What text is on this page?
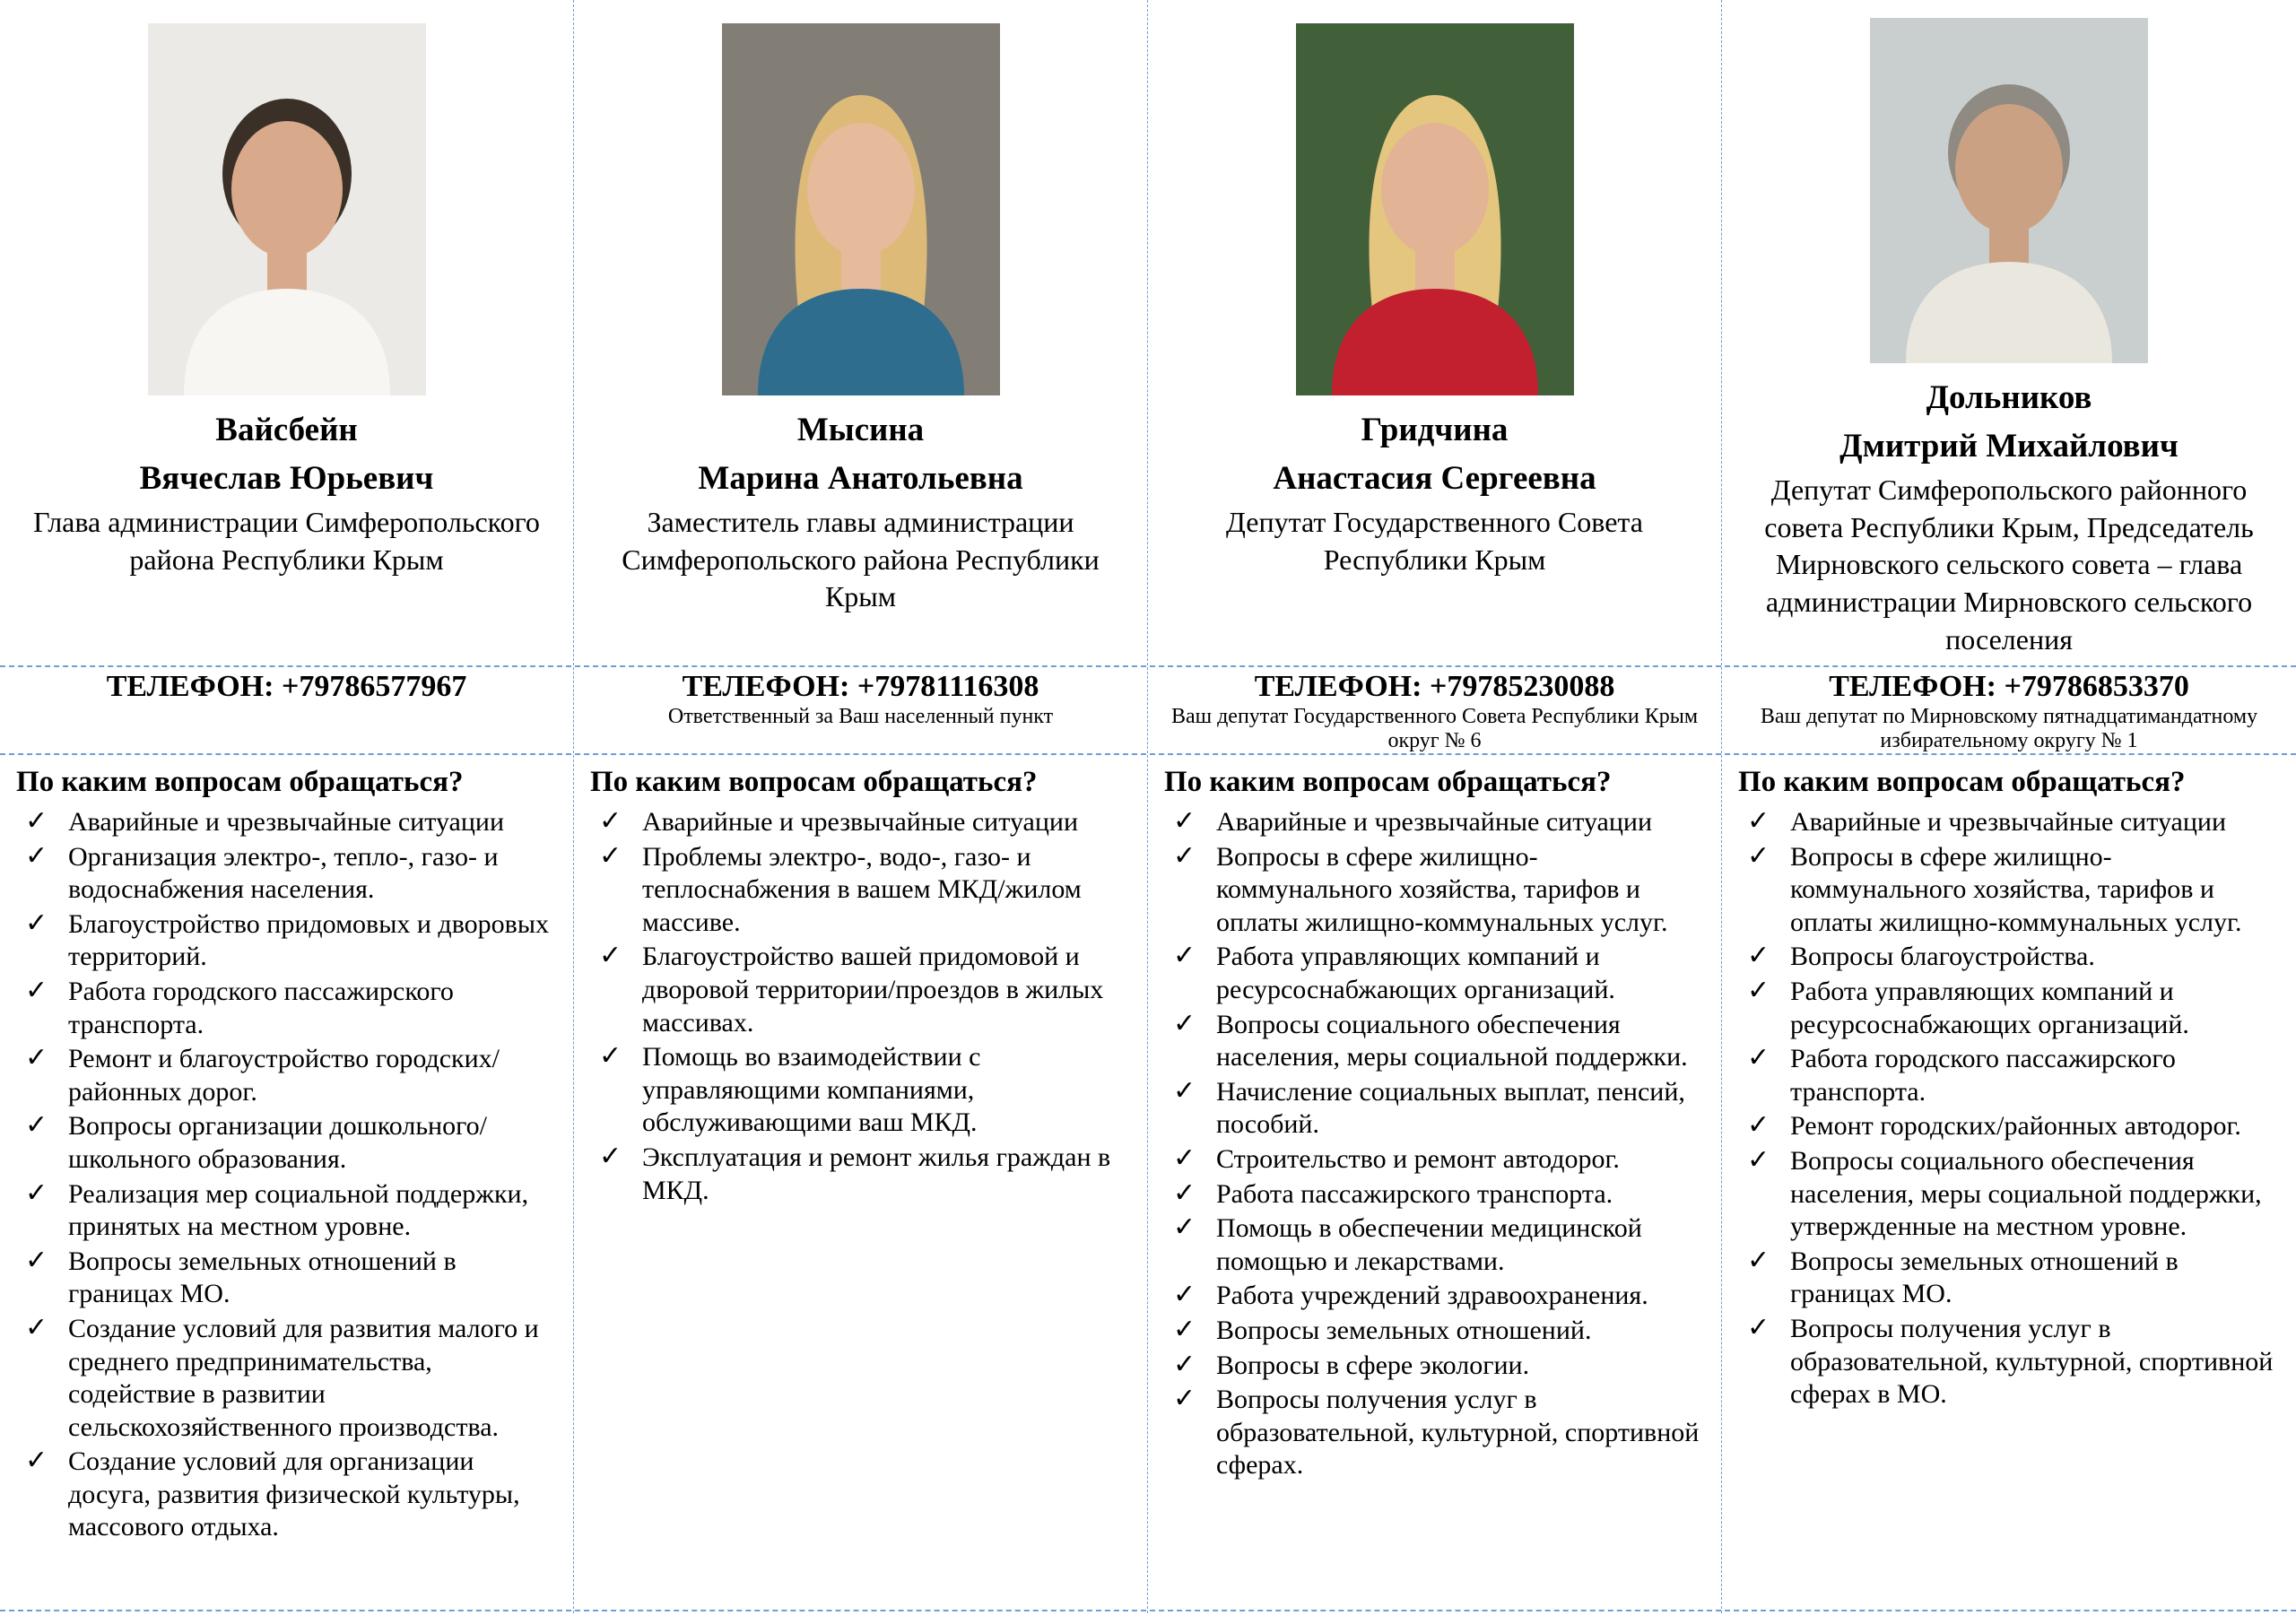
Вайсбейн
Вячеслав Юрьевич
Глава администрации Симферопольского района Республики Крым
Мысина
Марина Анатольевна
Заместитель главы администрации Симферопольского района Республики Крым
Гридчина
Анастасия Сергеевна
Депутат Государственного Совета Республики Крым
Дольников
Дмитрий Михайлович
Депутат Симферопольского районного совета Республики Крым, Председатель Мирновского сельского совета – глава администрации Мирновского сельского поселения
ТЕЛЕФОН: +79786577967	ТЕЛЕФОН: +79781116308
Ответственный за Ваш населенный пункт
ТЕЛЕФОН: +79785230088
Ваш депутат Государственного Совета Республики Крым округ № 6
ТЕЛЕФОН: +79786853370
Ваш депутат по Мирновскому пятнадцатимандатному избирательному округу № 1
По каким вопросам обращаться?
✓ Аварийные и чрезвычайные ситуации
✓ Организация электро-, тепло-, газо- и водоснабжения населения.
✓ Благоустройство придомовых и дворовых территорий.
✓ Работа городского пассажирского транспорта.
✓ Ремонт и благоустройство городских/районных дорог.
✓ Вопросы организации дошкольного/школьного образования.
✓ Реализация мер социальной поддержки, принятых на местном уровне.
✓ Вопросы земельных отношений в границах МО.
✓ Создание условий для развития малого и среднего предпринимательства, содействие в развитии сельскохозяйственного производства.
✓ Создание условий для организации досуга, развития физической культуры, массового отдыха.
По каким вопросам обращаться?
✓ Аварийные и чрезвычайные ситуации
✓ Проблемы электро-, водо-, газо- и теплоснабжения в вашем МКД/жилом массиве.
✓ Благоустройство вашей придомовой и дворовой территории/проездов в жилых массивах.
✓ Помощь во взаимодействии с управляющими компаниями, обслуживающими ваш МКД.
✓ Эксплуатация и ремонт жилья граждан в МКД.
По каким вопросам обращаться?
✓ Аварийные и чрезвычайные ситуации
✓ Вопросы в сфере жилищно-коммунального хозяйства, тарифов и оплаты жилищно-коммунальных услуг.
✓ Работа управляющих компаний и ресурсоснабжающих организаций.
✓ Вопросы социального обеспечения населения, меры социальной поддержки.
✓ Начисление социальных выплат, пенсий, пособий.
✓ Строительство и ремонт автодорог.
✓ Работа пассажирского транспорта.
✓ Помощь в обеспечении медицинской помощью и лекарствами.
✓ Работа учреждений здравоохранения.
✓ Вопросы земельных отношений.
✓ Вопросы в сфере экологии.
✓ Вопросы получения услуг в образовательной, культурной, спортивной сферах.
По каким вопросам обращаться?
✓ Аварийные и чрезвычайные ситуации
✓ Вопросы в сфере жилищно-коммунального хозяйства, тарифов и оплаты жилищно-коммунальных услуг.
✓ Вопросы благоустройства.
✓ Работа управляющих компаний и ресурсоснабжающих организаций.
✓ Работа городского пассажирского транспорта.
✓ Ремонт городских/районных автодорог.
✓ Вопросы социального обеспечения населения, меры социальной поддержки, утвержденные на местном уровне.
✓ Вопросы земельных отношений в границах МО.
✓ Вопросы получения услуг в образовательной, культурной, спортивной сферах в МО.
